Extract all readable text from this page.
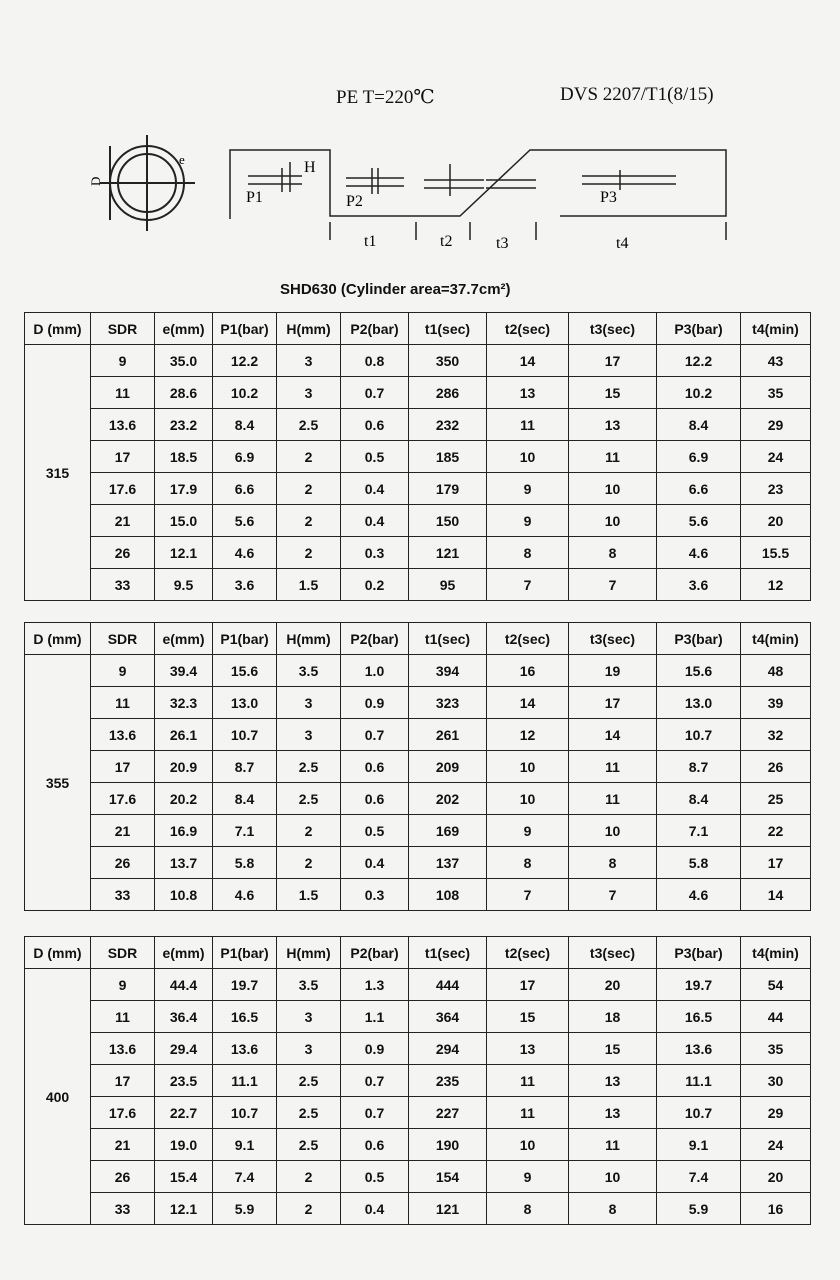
PE T=220℃	DVS 2207/T1(8/15)
D
e
P1
H
P2	P3
t1	t2	t3	t4
SHD630 (Cylinder area=37.7cm²)
D (mm)	SDR	e(mm)	P1(bar)	H(mm)	P2(bar)	t1(sec)	t2(sec)	t3(sec)	P3(bar)	t4(min)
315	9	35.0	12.2	3	0.8	350	14	17	12.2	43
	11	28.6	10.2	3	0.7	286	13	15	10.2	35
	13.6	23.2	8.4	2.5	0.6	232	11	13	8.4	29
	17	18.5	6.9	2	0.5	185	10	11	6.9	24
	17.6	17.9	6.6	2	0.4	179	9	10	6.6	23
	21	15.0	5.6	2	0.4	150	9	10	5.6	20
	26	12.1	4.6	2	0.3	121	8	8	4.6	15.5
	33	9.5	3.6	1.5	0.2	95	7	7	3.6	12
D (mm)	SDR	e(mm)	P1(bar)	H(mm)	P2(bar)	t1(sec)	t2(sec)	t3(sec)	P3(bar)	t4(min)
355	9	39.4	15.6	3.5	1.0	394	16	19	15.6	48
	11	32.3	13.0	3	0.9	323	14	17	13.0	39
	13.6	26.1	10.7	3	0.7	261	12	14	10.7	32
	17	20.9	8.7	2.5	0.6	209	10	11	8.7	26
	17.6	20.2	8.4	2.5	0.6	202	10	11	8.4	25
	21	16.9	7.1	2	0.5	169	9	10	7.1	22
	26	13.7	5.8	2	0.4	137	8	8	5.8	17
	33	10.8	4.6	1.5	0.3	108	7	7	4.6	14
D (mm)	SDR	e(mm)	P1(bar)	H(mm)	P2(bar)	t1(sec)	t2(sec)	t3(sec)	P3(bar)	t4(min)
400	9	44.4	19.7	3.5	1.3	444	17	20	19.7	54
	11	36.4	16.5	3	1.1	364	15	18	16.5	44
	13.6	29.4	13.6	3	0.9	294	13	15	13.6	35
	17	23.5	11.1	2.5	0.7	235	11	13	11.1	30
	17.6	22.7	10.7	2.5	0.7	227	11	13	10.7	29
	21	19.0	9.1	2.5	0.6	190	10	11	9.1	24
	26	15.4	7.4	2	0.5	154	9	10	7.4	20
	33	12.1	5.9	2	0.4	121	8	8	5.9	16
